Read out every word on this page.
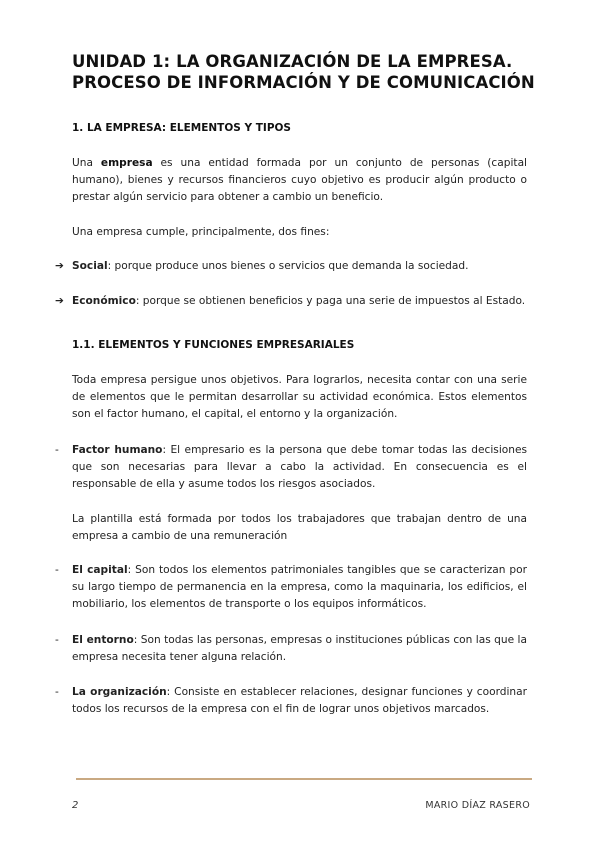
UNIDAD 1: LA ORGANIZACIÓN DE LA EMPRESA. PROCESO DE INFORMACIÓN Y DE COMUNICACIÓN
1. LA EMPRESA: ELEMENTOS Y TIPOS
Una empresa es una entidad formada por un conjunto de personas (capital humano), bienes y recursos financieros cuyo objetivo es producir algún producto o prestar algún servicio para obtener a cambio un beneficio.
Una empresa cumple, principalmente, dos fines:
➔ Social: porque produce unos bienes o servicios que demanda la sociedad.
➔ Económico: porque se obtienen beneficios y paga una serie de impuestos al Estado.
1.1. ELEMENTOS Y FUNCIONES EMPRESARIALES
Toda empresa persigue unos objetivos. Para lograrlos, necesita contar con una serie de elementos que le permitan desarrollar su actividad económica. Estos elementos son el factor humano, el capital, el entorno y la organización.
-	Factor humano: El empresario es la persona que debe tomar todas las decisiones que son necesarias para llevar a cabo la actividad. En consecuencia es el responsable de ella y asume todos los riesgos asociados.
La plantilla está formada por todos los trabajadores que trabajan dentro de una empresa a cambio de una remuneración
-	El capital: Son todos los elementos patrimoniales tangibles que se caracterizan por su largo tiempo de permanencia en la empresa, como la maquinaria, los edificios, el mobiliario, los elementos de transporte o los equipos informáticos.
-	El entorno: Son todas las personas, empresas o instituciones públicas con las que la empresa necesita tener alguna relación.
-	La organización: Consiste en establecer relaciones, designar funciones y coordinar todos los recursos de la empresa con el fin de lograr unos objetivos marcados.
2	MARIO DÍAZ RASERO
